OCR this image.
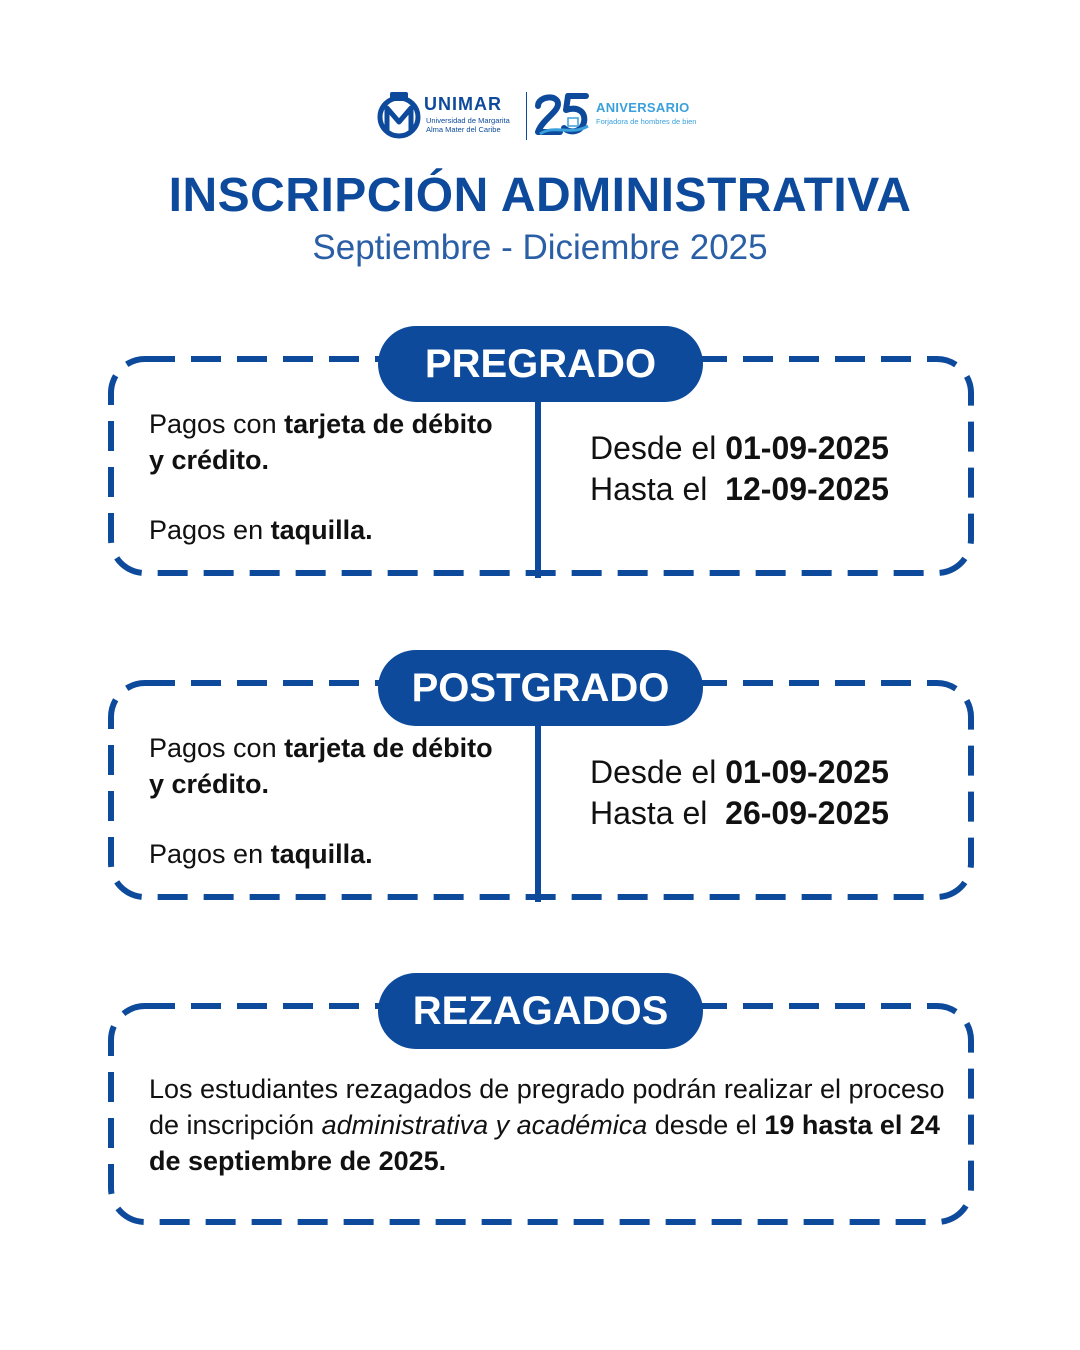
UNIMAR
Universidad de Margarita
Alma Mater del Caribe
ANIVERSARIO
Forjadora de hombres de bien
INSCRIPCIÓN ADMINISTRATIVA
Septiembre - Diciembre 2025
PREGRADO
Pagos con tarjeta de débito y crédito.
Pagos en taquilla.
Desde el 01-09-2025
Hasta el  12-09-2025
POSTGRADO
Pagos con tarjeta de débito y crédito.
Pagos en taquilla.
Desde el 01-09-2025
Hasta el  26-09-2025
REZAGADOS
Los estudiantes rezagados de pregrado podrán realizar el proceso de inscripción administrativa y académica desde el 19 hasta el 24 de septiembre de 2025.
